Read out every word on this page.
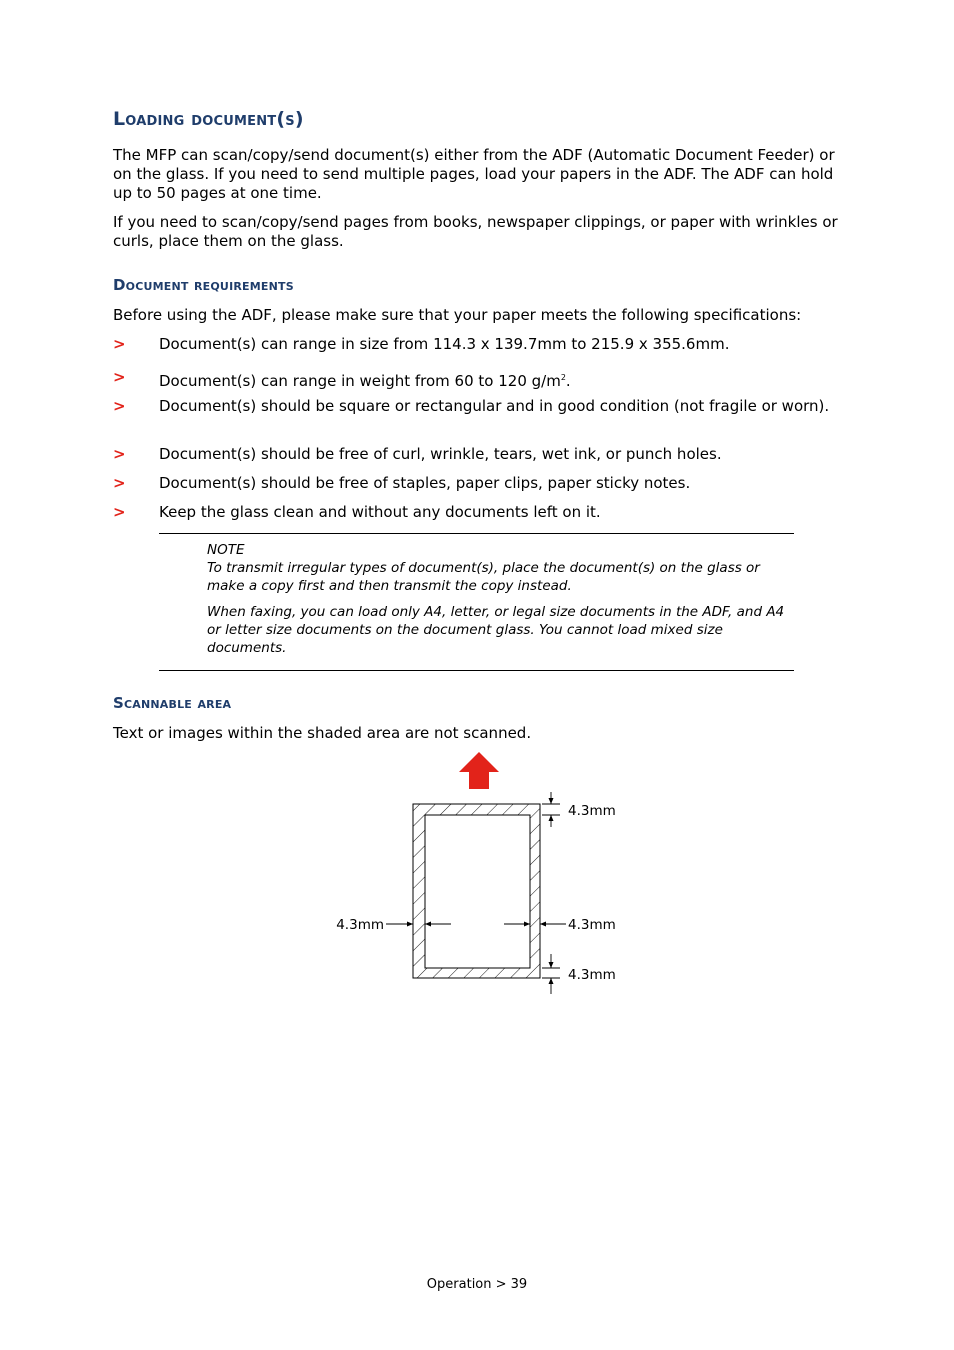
Loading document(s)
The MFP can scan/copy/send document(s) either from the ADF (Automatic Document Feeder) or on the glass. If you need to send multiple pages, load your papers in the ADF. The ADF can hold up to 50 pages at one time.
If you need to scan/copy/send pages from books, newspaper clippings, or paper with wrinkles or curls, place them on the glass.
Document requirements
Before using the ADF, please make sure that your paper meets the following specifications:
> Document(s) can range in size from 114.3 x 139.7mm to 215.9 x 355.6mm.
> Document(s) can range in weight from 60 to 120 $g/m^2$.
> Document(s) should be square or rectangular and in good condition (not fragile or worn).
> Document(s) should be free of curl, wrinkle, tears, wet ink, or punch holes.
> Document(s) should be free of staples, paper clips, paper sticky notes.
> Keep the glass clean and without any documents left on it.
NOTE
To transmit irregular types of document(s), place the document(s) on the glass or make a copy first and then transmit the copy instead.
When faxing, you can load only A4, letter, or legal size documents in the ADF, and A4 or letter size documents on the document glass. You cannot load mixed size documents.
Scannable area
Text or images within the shaded area are not scanned.
4.3mm
4.3mm	4.3mm
4.3mm
Operation > 39
